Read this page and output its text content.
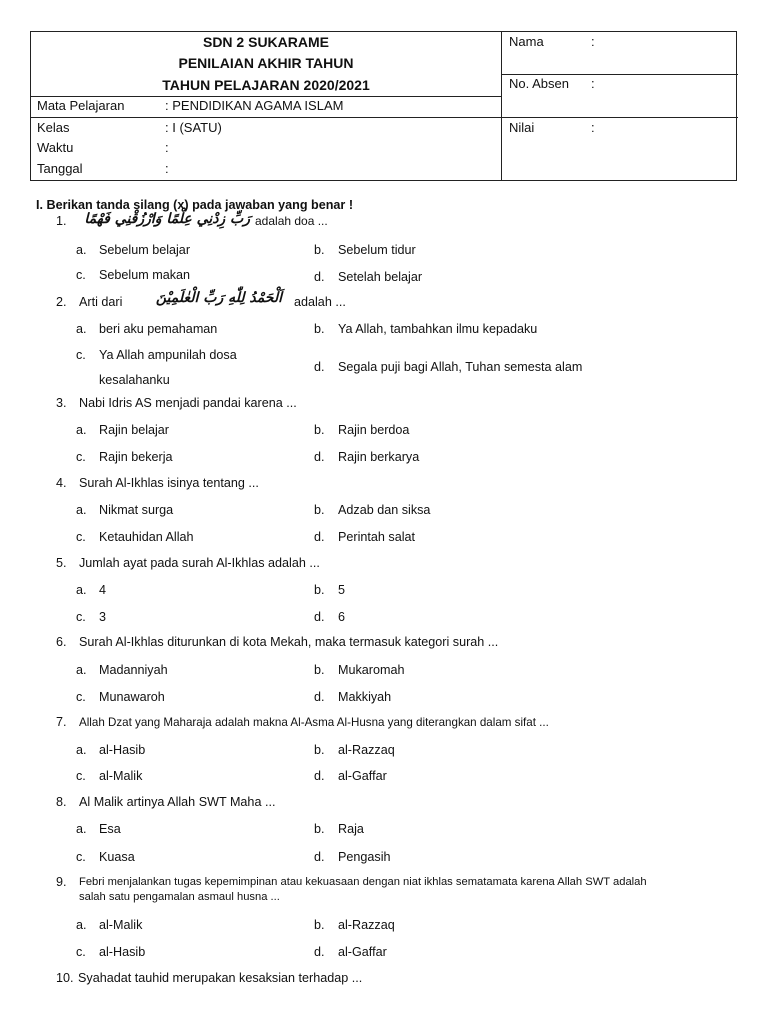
SDN 2 SUKARAME
PENILAIAN AKHIR TAHUN
TAHUN PELAJARAN 2020/2021
Mata Pelajaran	: PENDIDIKAN AGAMA ISLAM
Kelas	: I (SATU)
Waktu	:
Tanggal	:
Nama	:
No. Absen :
Nilai	:
I. Berikan tanda silang (x) pada jawaban yang benar !
1.	رَبِّ زِدْنِي عِلْمًا وَارْزُقْنِي فَهْمًا adalah doa ...
a. Sebelum belajar	b. Sebelum tidur
c. Sebelum makan	d. Setelah belajar
2. Arti dari	اَلْحَمْدُ لِلّٰهِ رَبِّ الْعٰلَمِيْنَ adalah ...
a. beri aku pemahaman	b. Ya Allah, tambahkan ilmu kepadaku
c. Ya Allah ampunilah dosa
kesalahanku
d. Segala puji bagi Allah, Tuhan semesta alam
3. Nabi Idris AS menjadi pandai karena ...
a. Rajin belajar	b. Rajin berdoa
c. Rajin bekerja	d. Rajin berkarya
4. Surah Al-Ikhlas isinya tentang ...
a. Nikmat surga	b. Adzab dan siksa
c. Ketauhidan Allah	d. Perintah salat
5. Jumlah ayat pada surah Al-Ikhlas adalah ...
a. 4	b. 5
c. 3	d. 6
6. Surah Al-Ikhlas diturunkan di kota Mekah, maka termasuk kategori surah ...
a. Madanniyah	b. Mukaromah
c. Munawaroh	d. Makkiyah
7. Allah Dzat yang Maharaja adalah makna Al-Asma Al-Husna yang diterangkan dalam sifat ...
a. al-Hasib	b. al-Razzaq
c. al-Malik	d. al-Gaffar
8. Al Malik artinya Allah SWT Maha ...
a. Esa	b. Raja
c. Kuasa	d. Pengasih
9. Febri menjalankan tugas kepemimpinan atau kekuasaan dengan niat ikhlas sematamata karena Allah SWT adalah
salah satu pengamalan asmaul husna ...
a. al-Malik	b. al-Razzaq
c. al-Hasib	d. al-Gaffar
10. Syahadat tauhid merupakan kesaksian terhadap ...
